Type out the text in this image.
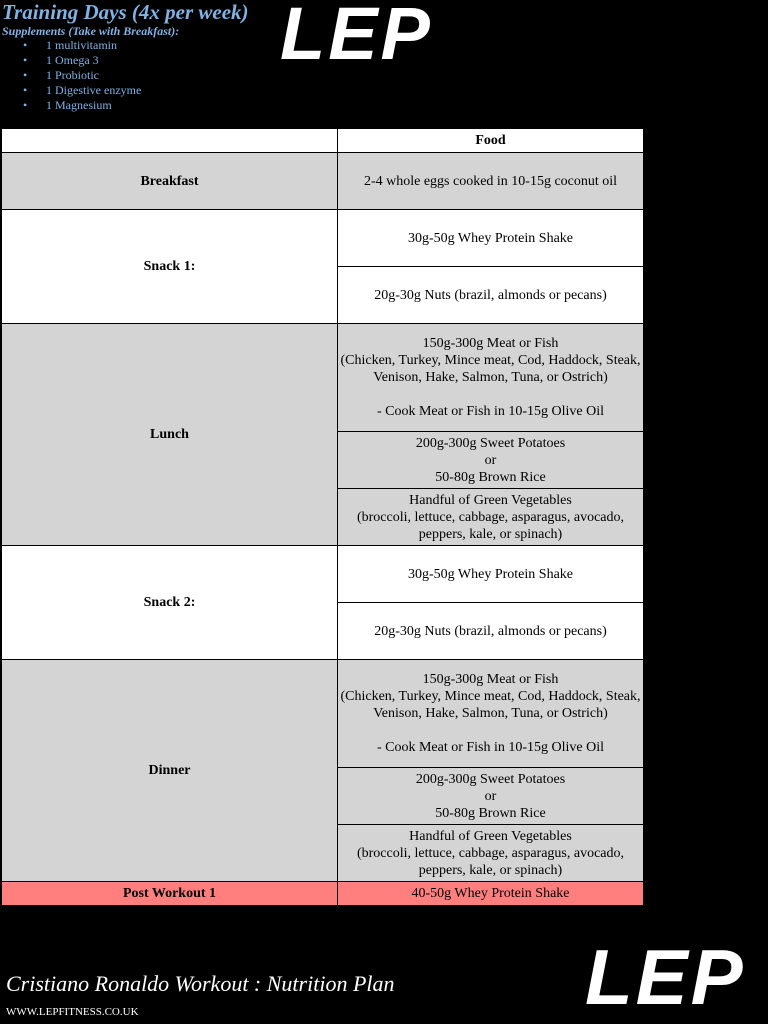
Training Days (4x per week)
Supplements (Take with Breakfast):
• 1 multivitamin
• 1 Omega 3
• 1 Probiotic
• 1 Digestive enzyme
• 1 Magnesium
LEP
	Food
Breakfast	2-4 whole eggs cooked in 10-15g coconut oil
Snack 1:	30g-50g Whey Protein Shake
	20g-30g Nuts (brazil, almonds or pecans)
Lunch	150g-300g Meat or Fish
(Chicken, Turkey, Mince meat, Cod, Haddock, Steak, Venison, Hake, Salmon, Tuna, or Ostrich)
- Cook Meat or Fish in 10-15g Olive Oil

	200g-300g Sweet Potatoes
or
50-80g Brown Rice

	Handful of Green Vegetables
(broccoli, lettuce, cabbage, asparagus, avocado, peppers, kale, or spinach)

Snack 2:	30g-50g Whey Protein Shake
	20g-30g Nuts (brazil, almonds or pecans)
Dinner	150g-300g Meat or Fish
(Chicken, Turkey, Mince meat, Cod, Haddock, Steak, Venison, Hake, Salmon, Tuna, or Ostrich)
- Cook Meat or Fish in 10-15g Olive Oil

	200g-300g Sweet Potatoes
or
50-80g Brown Rice

	Handful of Green Vegetables
(broccoli, lettuce, cabbage, asparagus, avocado, peppers, kale, or spinach)

Post Workout 1	40-50g Whey Protein Shake
Cristiano Ronaldo Workout : Nutrition Plan
WWW.LEPFITNESS.CO.UK	LEP
